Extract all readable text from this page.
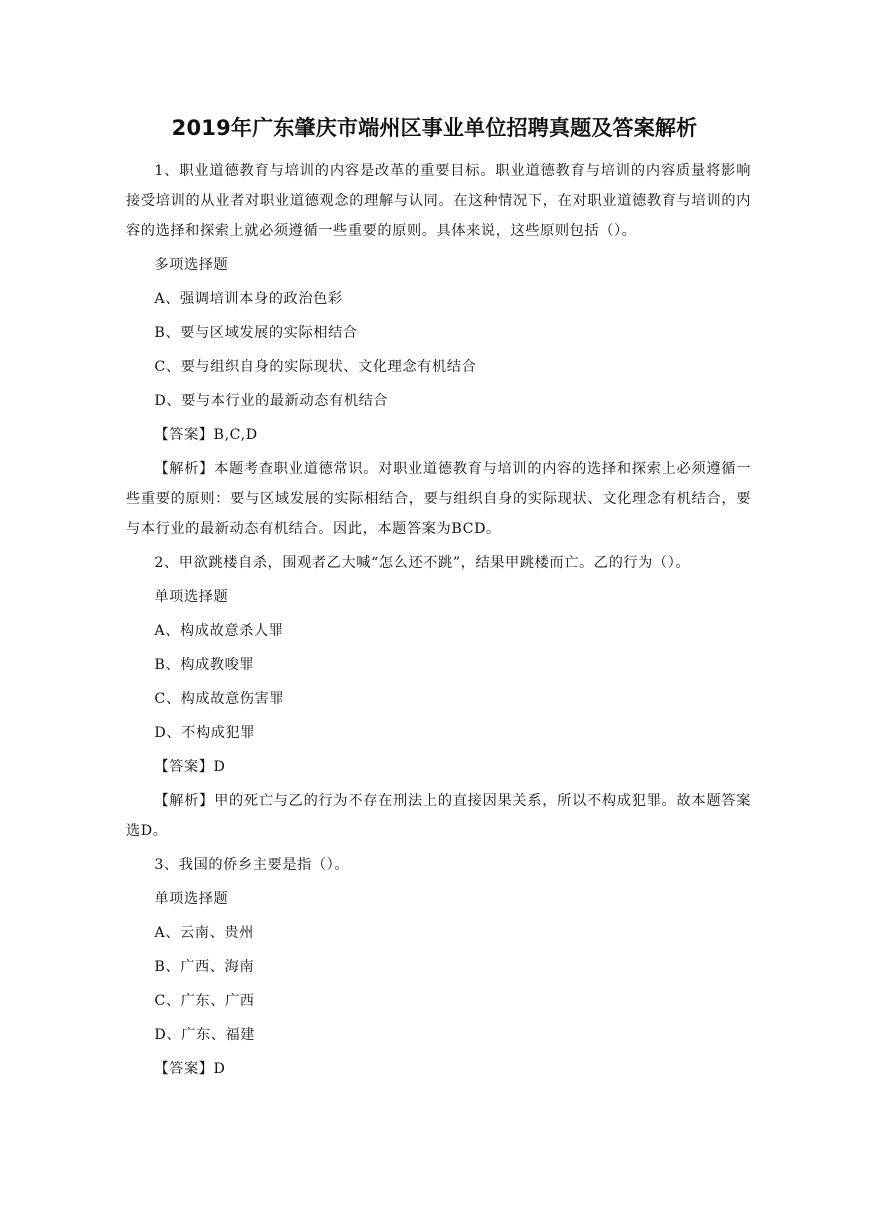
2019年广东肇庆市端州区事业单位招聘真题及答案解析

1、职业道德教育与培训的内容是改革的重要目标。职业道德教育与培训的内容质量将影响接受培训的从业者对职业道德观念的理解与认同。在这种情况下，在对职业道德教育与培训的内容的选择和探索上就必须遵循一些重要的原则。具体来说，这些原则包括（）。

多项选择题

A、强调培训本身的政治色彩

B、要与区域发展的实际相结合

C、要与组织自身的实际现状、文化理念有机结合

D、要与本行业的最新动态有机结合

【答案】B,C,D

【解析】本题考查职业道德常识。对职业道德教育与培训的内容的选择和探索上必须遵循一些重要的原则：要与区域发展的实际相结合，要与组织自身的实际现状、文化理念有机结合，要与本行业的最新动态有机结合。因此，本题答案为BCD。

2、甲欲跳楼自杀，围观者乙大喊“怎么还不跳”，结果甲跳楼而亡。乙的行为（）。

单项选择题

A、构成故意杀人罪

B、构成教唆罪

C、构成故意伤害罪

D、不构成犯罪

【答案】D

【解析】甲的死亡与乙的行为不存在刑法上的直接因果关系，所以不构成犯罪。故本题答案选D。

3、我国的侨乡主要是指（）。

单项选择题

A、云南、贵州

B、广西、海南

C、广东、广西

D、广东、福建

【答案】D
